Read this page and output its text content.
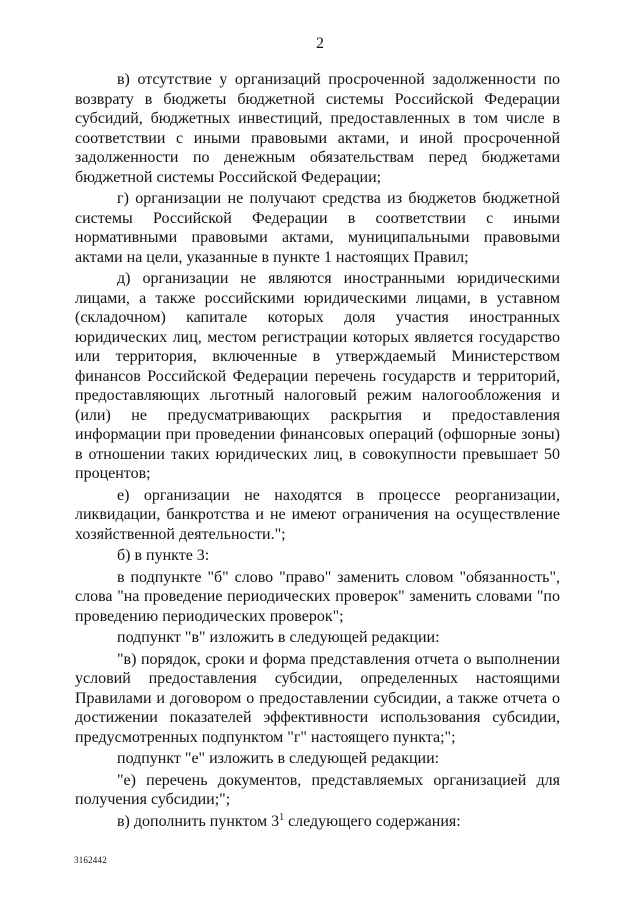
2

в) отсутствие у организаций просроченной задолженности по возврату в бюджеты бюджетной системы Российской Федерации субсидий, бюджетных инвестиций, предоставленных в том числе в соответствии с иными правовыми актами, и иной просроченной задолженности по денежным обязательствам перед бюджетами бюджетной системы Российской Федерации;

г) организации не получают средства из бюджетов бюджетной системы Российской Федерации в соответствии с иными нормативными правовыми актами, муниципальными правовыми актами на цели, указанные в пункте 1 настоящих Правил;

д) организации не являются иностранными юридическими лицами, а также российскими юридическими лицами, в уставном (складочном) капитале которых доля участия иностранных юридических лиц, местом регистрации которых является государство или территория, включенные в утверждаемый Министерством финансов Российской Федерации перечень государств и территорий, предоставляющих льготный налоговый режим налогообложения и (или) не предусматривающих раскрытия и предоставления информации при проведении финансовых операций (офшорные зоны) в отношении таких юридических лиц, в совокупности превышает 50 процентов;

е) организации не находятся в процессе реорганизации, ликвидации, банкротства и не имеют ограничения на осуществление хозяйственной деятельности.";

б) в пункте 3:

в подпункте "б" слово "право" заменить словом "обязанность", слова "на проведение периодических проверок" заменить словами "по проведению периодических проверок";

подпункт "в" изложить в следующей редакции:

"в) порядок, сроки и форма представления отчета о выполнении условий предоставления субсидии, определенных настоящими Правилами и договором о предоставлении субсидии, а также отчета о достижении показателей эффективности использования субсидии, предусмотренных подпунктом "г" настоящего пункта;";

подпункт "е" изложить в следующей редакции:

"е) перечень документов, представляемых организацией для получения субсидии;";

в) дополнить пунктом $3^1$ следующего содержания:

3162442
